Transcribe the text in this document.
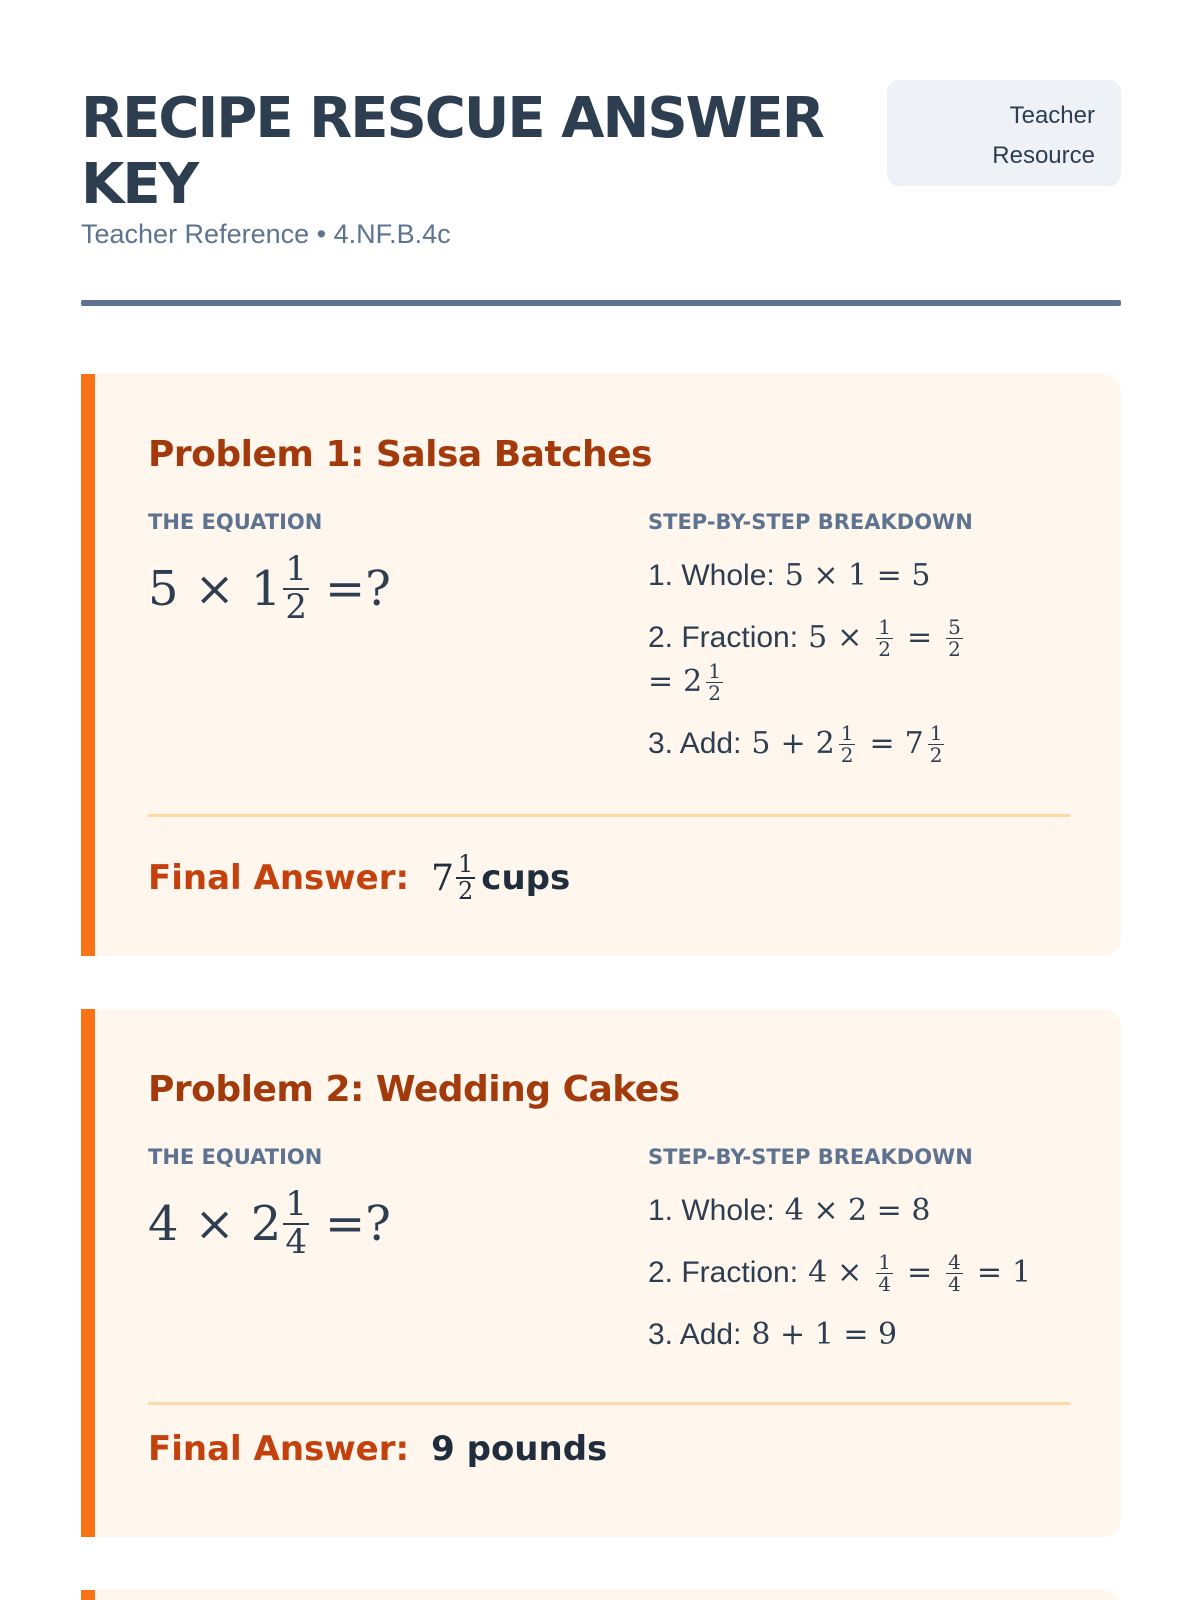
RECIPE RESCUE ANSWER KEY
Teacher Reference • 4.NF.B.4c
Teacher
Resource
Problem 1: Salsa Batches
THE EQUATION	STEP-BY-STEP BREAKDOWN
$5 \times 1 \frac{1}{2}$ =?	1. Whole: 5 × 1 = 5
2. Fraction: $5 \times \frac{1}{2} = \frac{5}{2}$
= $2 \frac{1}{2}$
3. Add: $5 + 2 \frac{1}{2} = 7 \frac{1}{2}$
Final Answer: $7 \frac{1}{2}$ cups
Problem 2: Wedding Cakes
THE EQUATION	STEP-BY-STEP BREAKDOWN
$4 \times 2 \frac{1}{4}$ =?	1. Whole: 4 × 2 = 8
2. Fraction: $4 \times \frac{1}{4} = \frac{4}{4} = 1$
3. Add: 8 + 1 = 9
Final Answer: 9 pounds
